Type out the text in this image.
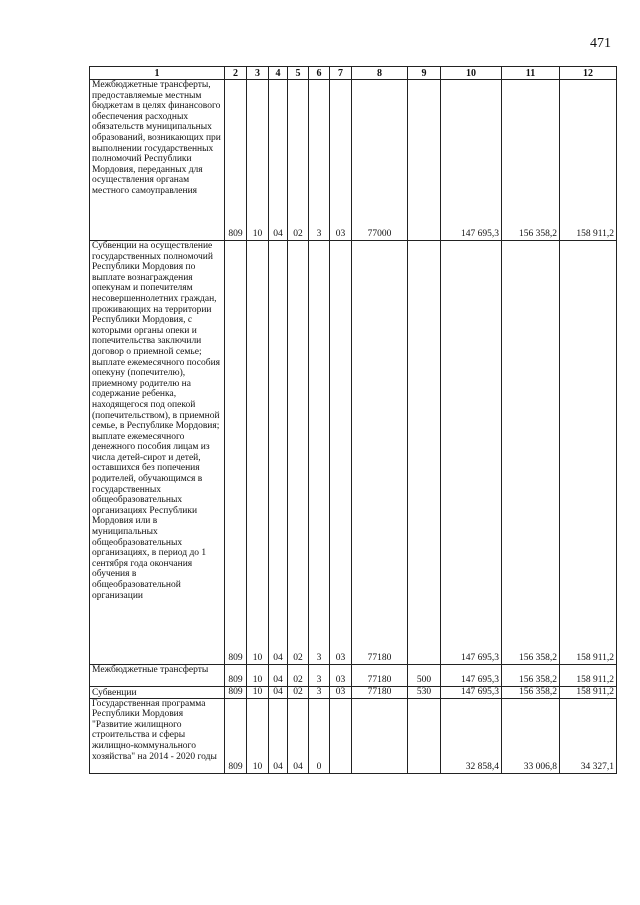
471
1	2	3	4	5	6	7	8	9	10	11	12

Межбюджетные трансферты, предоставляемые местным бюджетам в целях финансового обеспечения расходных обязательств муниципальных образований, возникающих при выполнении государственных полномочий Республики Мордовия, переданных для осуществления органам местного самоуправления	809	10	04	02	3	03	77000		147 695,3	156 358,2	158 911,2

Субвенции на осуществление государственных полномочий Республики Мордовия по выплате вознаграждения опекунам и попечителям несовершеннолетних граждан, проживающих на территории Республики Мордовия, с которыми органы опеки и попечительства заключили договор о приемной семье; выплате ежемесячного пособия опекуну (попечителю), приемному родителю на содержание ребенка, находящегося под опекой (попечительством), в приемной семье, в Республике Мордовия; выплате ежемесячного денежного пособия лицам из числа детей-сирот и детей, оставшихся без попечения родителей, обучающимся в государственных общеобразовательных организациях Республики Мордовия или в муниципальных общеобразовательных организациях, в период до 1 сентября года окончания обучения в общеобразовательной организации	809	10	04	02	3	03	77180		147 695,3	156 358,2	158 911,2

Межбюджетные трансферты	809	10	04	02	3	03	77180	500	147 695,3	156 358,2	158 911,2

Субвенции	809	10	04	02	3	03	77180	530	147 695,3	156 358,2	158 911,2

Государственная программа Республики Мордовия "Развитие жилищного строительства и сферы жилищно-коммунального хозяйства" на 2014 - 2020 годы	809	10	04	04	0				32 858,4	33 006,8	34 327,1
